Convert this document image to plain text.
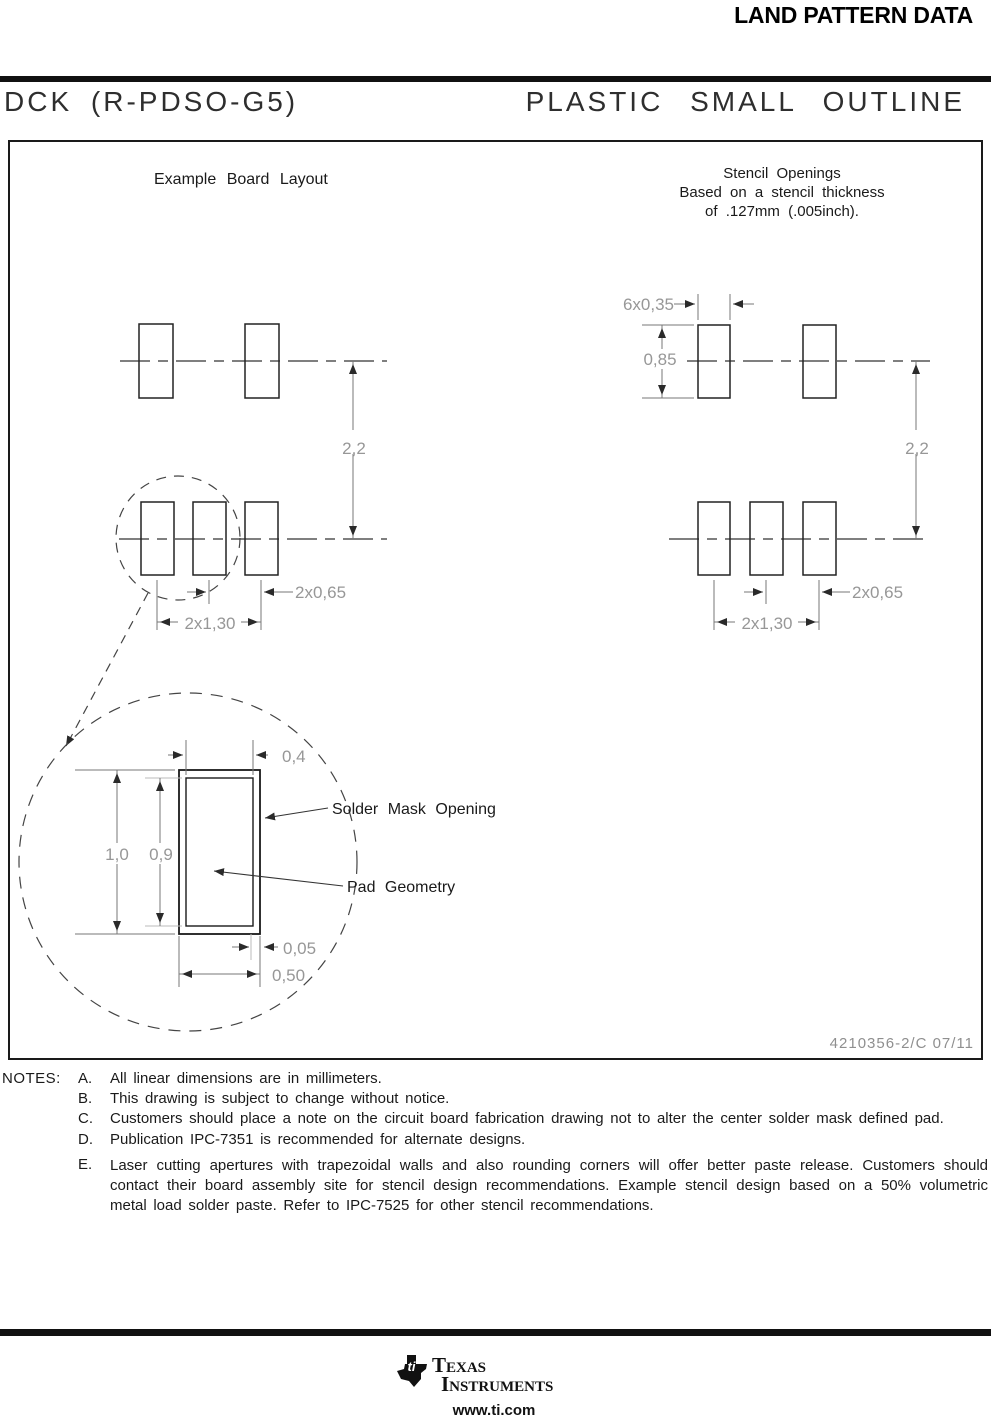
LAND PATTERN DATA
DCK (R-PDSO-G5)	PLASTIC SMALL OUTLINE
Example Board Layout	Stencil Openings
Based on a stencil thickness
of .127mm (.005inch).
2,2
2x0,65
2x1,30
6x0,35
0,85
2,2
2x0,65
2x1,30
0,4
1,0 0,9
0,05
0,50
Solder Mask Opening
Pad Geometry
4210356-2/C 07/11
NOTES: A. All linear dimensions are in millimeters.
B. This drawing is subject to change without notice.
C. Customers should place a note on the circuit board fabrication drawing not to alter the center solder mask defined pad.
D. Publication IPC-7351 is recommended for alternate designs.
E. Laser cutting apertures with trapezoidal walls and also rounding corners will offer better paste release. Customers should contact their board assembly site for stencil design recommendations. Example stencil design based on a 50% volumetric metal load solder paste. Refer to IPC-7525 for other stencil recommendations.
ti Texas
Instruments
www.ti.com
